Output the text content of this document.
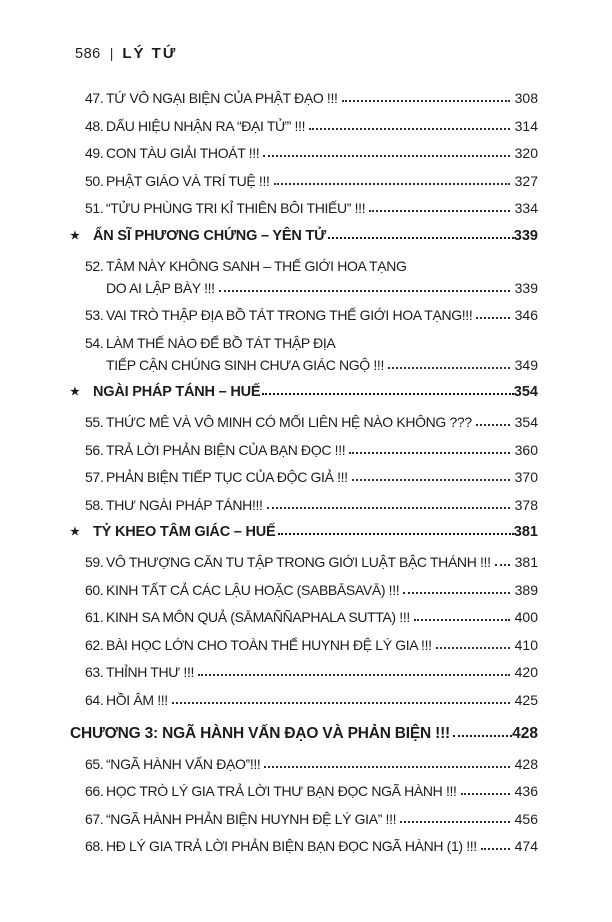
586 | LÝ TỨ
47. TỨ VÔ NGẠI BIỆN CỦA PHẬT ĐẠO !!!	308
48. DẤU HIỆU NHẬN RA “ĐẠI TỬ” !!!	314
49. CON TÀU GIẢI THOÁT !!!	320
50. PHẬT GIÁO VÀ TRÍ TUỆ !!!	327
51. “TỬU PHÙNG TRI KỈ THIÊN BÔI THIẾU” !!!	334
★ ẨN SĨ PHƯƠNG CHỨNG – YÊN TỬ	339
52. TÂM NÀY KHÔNG SANH – THẾ GIỚI HOA TẠNG
DO AI LẬP BÀY !!!	339
53. VAI TRÒ THẬP ĐỊA BỒ TÁT TRONG THẾ GIỚI HOA TẠNG!!!	346
54. LÀM THẾ NÀO ĐỂ BỒ TÁT THẬP ĐỊA
TIẾP CẬN CHÚNG SINH CHƯA GIÁC NGỘ !!!	349
★ NGÀI PHÁP TÁNH – HUẾ	354
55. THỨC MÊ VÀ VÔ MINH CÓ MỐI LIÊN HỆ NÀO KHÔNG ???	354
56. TRẢ LỜI PHẢN BIỆN CỦA BẠN ĐỌC !!!	360
57. PHẢN BIỆN TIẾP TỤC CỦA ĐỘC GIẢ !!!	370
58. THƯ NGÀI PHÁP TÁNH!!!	378
★ TỶ KHEO TÂM GIÁC – HUẾ	381
59. VÔ THƯỢNG CĂN TU TẬP TRONG GIỚI LUẬT BẬC THÁNH !!!	381
60. KINH TẤT CẢ CÁC LẬU HOẶC (SABBĀSAVĀ) !!!	389
61. KINH SA MÔN QUẢ (SĀMAÑÑAPHALA SUTTA) !!!	400
62. BÀI HỌC LỚN CHO TOÀN THỂ HUYNH ĐỆ LÝ GIA !!!	410
63. THỈNH THƯ !!!	420
64. HỒI ÂM !!!	425
CHƯƠNG 3: NGÃ HÀNH VẤN ĐẠO VÀ PHẢN BIỆN !!!	428
65. “NGÃ HÀNH VẤN ĐẠO”!!!	428
66. HỌC TRÒ LÝ GIA TRẢ LỜI THƯ BẠN ĐỌC NGÃ HÀNH !!!	436
67. “NGÃ HÀNH PHẢN BIỆN HUYNH ĐỆ LÝ GIA” !!!	456
68. HĐ LÝ GIA TRẢ LỜI PHẢN BIỆN BẠN ĐỌC NGÃ HÀNH (1) !!!	474
